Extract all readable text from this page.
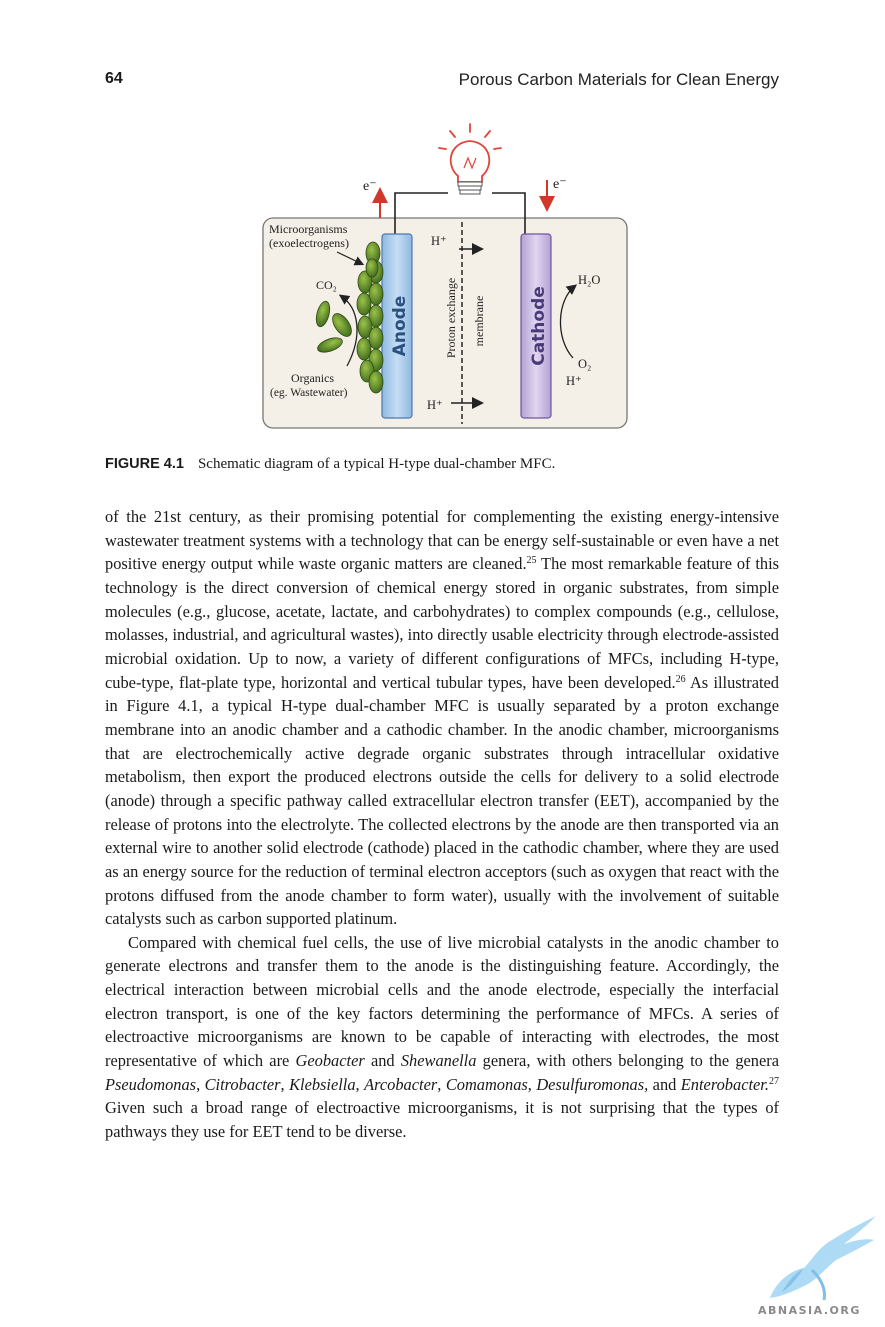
64	Porous Carbon Materials for Clean Energy
e⁻	e⁻
Anode	Cathode
Proton exchange membrane
H⁺
H⁺
Microorganisms
(exoelectrogens)
CO₂
Organics
(eg. Wastewater)
H₂O
O₂
H⁺
FIGURE 4.1 Schematic diagram of a typical H-type dual-chamber MFC.

of the 21st century, as their promising potential for complementing the existing energy-intensive wastewater treatment systems with a technology that can be energy self-sustainable or even have a net positive energy output while waste organic matters are cleaned.$^{25}$ The most remarkable feature of this technology is the direct conversion of chemical energy stored in organic substrates, from simple molecules (e.g., glucose, acetate, lactate, and carbohydrates) to complex compounds (e.g., cellulose, molasses, industrial, and agricultural wastes), into directly usable electricity through electrode-assisted microbial oxidation. Up to now, a variety of different configurations of MFCs, including H-type, cube-type, flat-plate type, horizontal and vertical tubular types, have been developed.$^{26}$ As illustrated in Figure 4.1, a typical H-type dual-chamber MFC is usually separated by a proton exchange membrane into an anodic chamber and a cathodic chamber. In the anodic chamber, microorganisms that are electrochemically active degrade organic substrates through intracellular oxidative metabolism, then export the produced electrons outside the cells for delivery to a solid electrode (anode) through a specific pathway called extracellular electron transfer (EET), accompanied by the release of protons into the electrolyte. The collected electrons by the anode are then transported via an external wire to another solid electrode (cathode) placed in the cathodic chamber, where they are used as an energy source for the reduction of terminal electron acceptors (such as oxygen that react with the protons diffused from the anode chamber to form water), usually with the involvement of suitable catalysts such as carbon supported platinum.

Compared with chemical fuel cells, the use of live microbial catalysts in the anodic chamber to generate electrons and transfer them to the anode is the distinguishing feature. Accordingly, the electrical interaction between microbial cells and the anode electrode, especially the interfacial electron transport, is one of the key factors determining the performance of MFCs. A series of electroactive microorganisms are known to be capable of interacting with electrodes, the most representative of which are Geobacter and Shewanella genera, with others belonging to the genera Pseudomonas, Citrobacter, Klebsiella, Arcobacter, Comamonas, Desulfuromonas, and Enterobacter.$^{27}$ Given such a broad range of electroactive microorganisms, it is not surprising that the types of pathways they use for EET tend to be diverse.

ABNASIA.ORG
